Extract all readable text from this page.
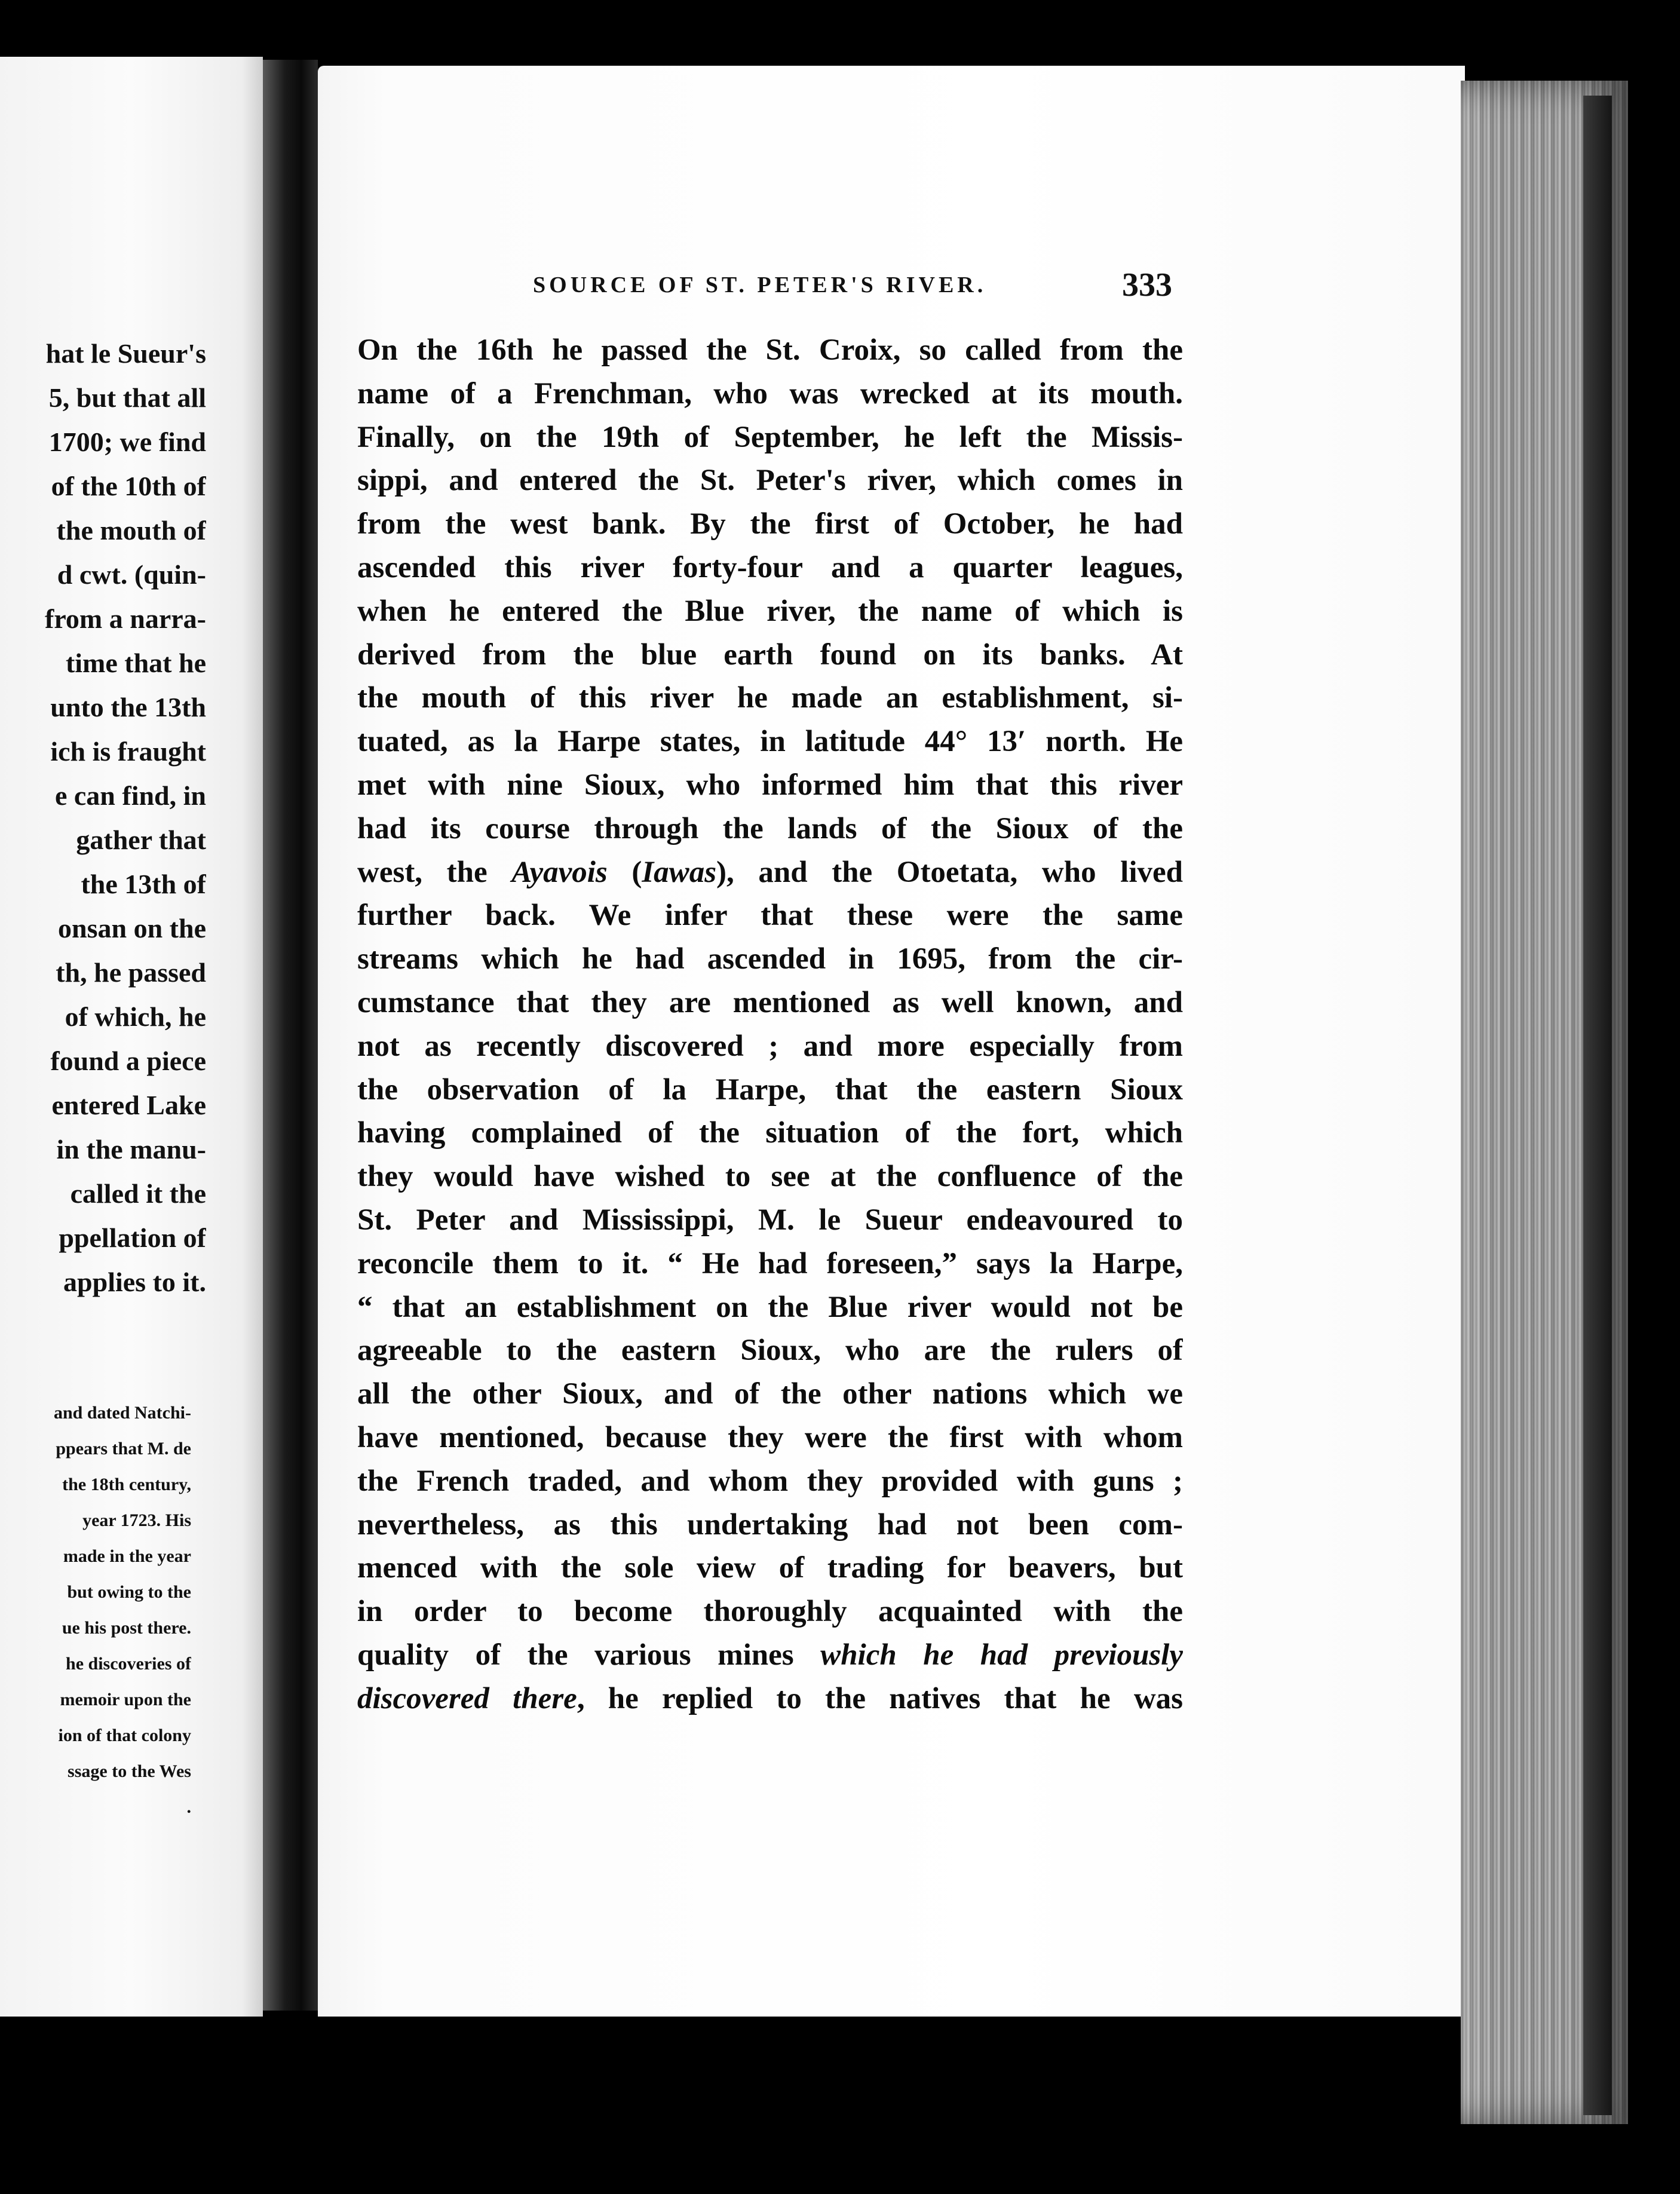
hat le Sueur's
5, but that all
1700; we find
of the 10th of
the mouth of
d cwt. (quin-
from a narra-
time that he
unto the 13th
ich is fraught
e can find, in
gather that
the 13th of
onsan on the
th, he passed
of which, he
found a piece
entered Lake
in the manu-
called it the
ppellation of
applies to it.
and dated Natchi-
ppears that M. de
the 18th century,
year 1723. His
made in the year
but owing to the
ue his post there.
he discoveries of
memoir upon the
ion of that colony
ssage to the Wes
.
SOURCE OF ST. PETER'S RIVER.	333
On the 16th he passed the St. Croix, so called from the
name of a Frenchman, who was wrecked at its mouth.
Finally, on the 19th of September, he left the Missis-
sippi, and entered the St. Peter's river, which comes in
from the west bank. By the first of October, he had
ascended this river forty-four and a quarter leagues,
when he entered the Blue river, the name of which is
derived from the blue earth found on its banks. At
the mouth of this river he made an establishment, si-
tuated, as la Harpe states, in latitude 44° 13′ north. He
met with nine Sioux, who informed him that this river
had its course through the lands of the Sioux of the
west, the Ayavois (Iawas), and the Otoetata, who lived
further back. We infer that these were the same
streams which he had ascended in 1695, from the cir-
cumstance that they are mentioned as well known, and
not as recently discovered ; and more especially from
the observation of la Harpe, that the eastern Sioux
having complained of the situation of the fort, which
they would have wished to see at the confluence of the
St. Peter and Mississippi, M. le Sueur endeavoured to
reconcile them to it. “ He had foreseen,” says la Harpe,
“ that an establishment on the Blue river would not be
agreeable to the eastern Sioux, who are the rulers of
all the other Sioux, and of the other nations which we
have mentioned, because they were the first with whom
the French traded, and whom they provided with guns ;
nevertheless, as this undertaking had not been com-
menced with the sole view of trading for beavers, but
in order to become thoroughly acquainted with the
quality of the various mines which he had previously
discovered there, he replied to the natives that he was
